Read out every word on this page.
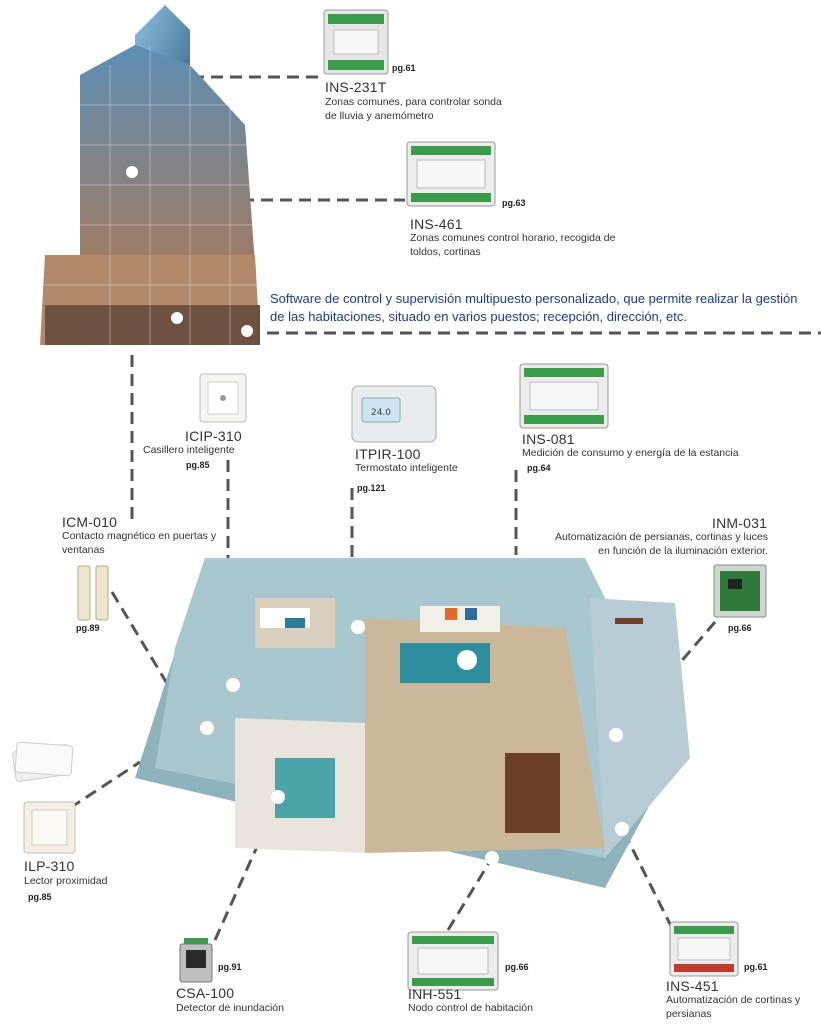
pg.61
INS-231T
Zonas comunes, para controlar sonda de lluvia y anemómetro
pg.63
INS-461
Zonas comunes control horario, recogida de toldos, cortinas
Software de control y supervisión multipuesto personalizado, que permite realizar la gestión de las habitaciones, situado en varios puestos; recepción, dirección, etc.
ICIP-310
Casillero inteligente
pg.85
24.0
ITPIR-100
Termostato inteligente
pg.121
INS-081
Medición de consumo y energía de la estancia
pg.64
ICM-010
Contacto magnético en puertas y ventanas
pg.89
INM-031
Automatización de persianas, cortinas y luces en función de la iluminación exterior.
pg.66
ILP-310
Lector proximidad
pg.85
pg.91
CSA-100
Detector de inundación
pg.66
INH-551
Nodo control de habitación
pg.61
INS-451
Automatización de cortinas y persianas
